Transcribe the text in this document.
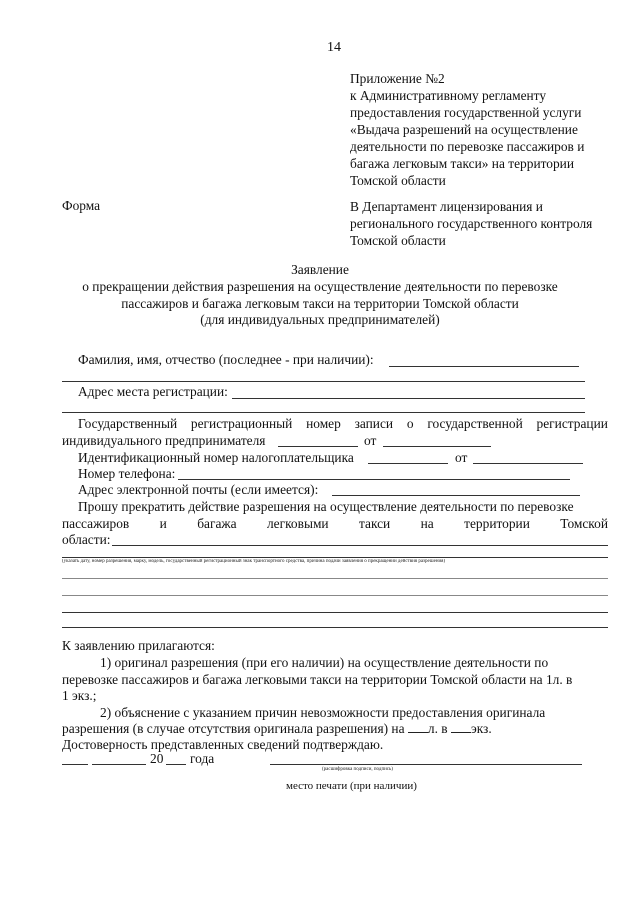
14
Приложение №2
к Административному регламенту
предоставления государственной услуги
«Выдача разрешений на осуществление
деятельности по перевозке пассажиров и
багажа легковым такси» на территории
Томской области
Форма	В Департамент лицензирования и
регионального государственного контроля
Томской области
Заявление
о прекращении действия разрешения на осуществление деятельности по перевозке
пассажиров и багажа легковым такси на территории Томской области
(для индивидуальных предпринимателей)
Фамилия, имя, отчество (последнее - при наличии):
Адрес места регистрации:
Государственный регистрационный номер записи о государственной регистрации
индивидуального предпринимателя	от
Идентификационный номер налогоплательщика	от
Номер телефона:
Адрес электронной почты (если имеется):
Прошу прекратить действие разрешения на осуществление деятельности по перевозке
пассажиров и багажа легковыми такси на территории Томской
области:
(указать дату, номер разрешения, марку, модель, государственный регистрационный знак транспортного средства, причина подачи заявления о прекращении действия разрешения)
К заявлению прилагаются:
1) оригинал разрешения (при его наличии) на осуществление деятельности по
перевозке пассажиров и багажа легковыми такси на территории Томской области на 1л. в
1 экз.;
2) объяснение с указанием причин невозможности предоставления оригинала
разрешения (в случае отсутствия оригинала разрешения) на л. в экз.
Достоверность представленных сведений подтверждаю.
20 года
(расшифровка подписи, подпись)
место печати (при наличии)
